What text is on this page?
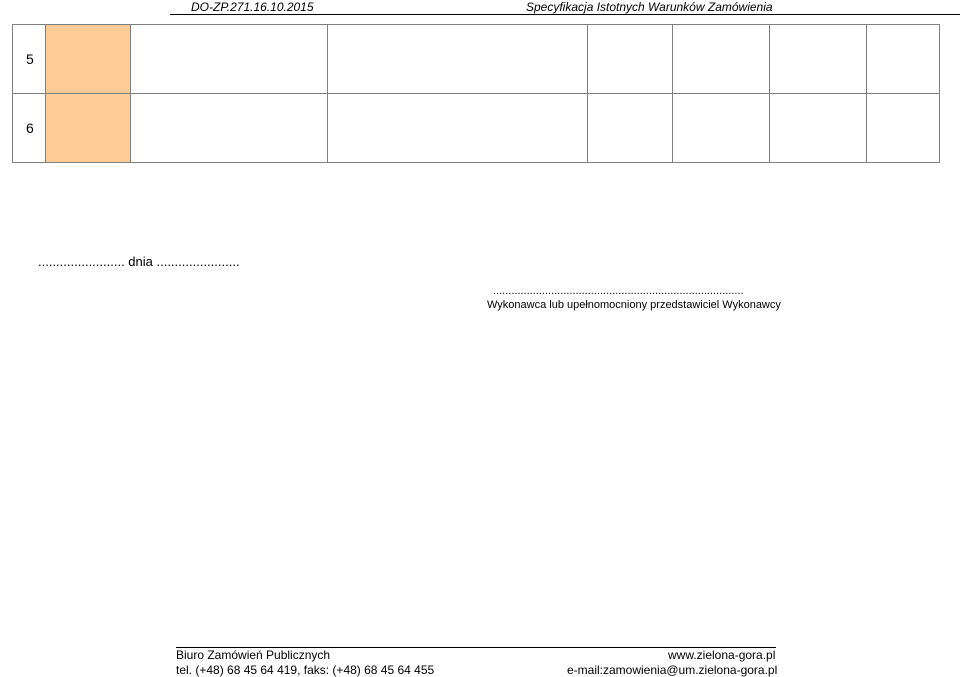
DO-ZP.271.16.10.2015	Specyfikacja Istotnych Warunków Zamówienia
5							
6							
........................ dnia .......................
..................................................................................
Wykonawca lub upełnomocniony przedstawiciel Wykonawcy
Biuro Zamówień Publicznych	www.zielona-gora.pl
tel. (+48) 68 45 64 419, faks: (+48) 68 45 64 455	e-mail:zamowienia@um.zielona-gora.pl
